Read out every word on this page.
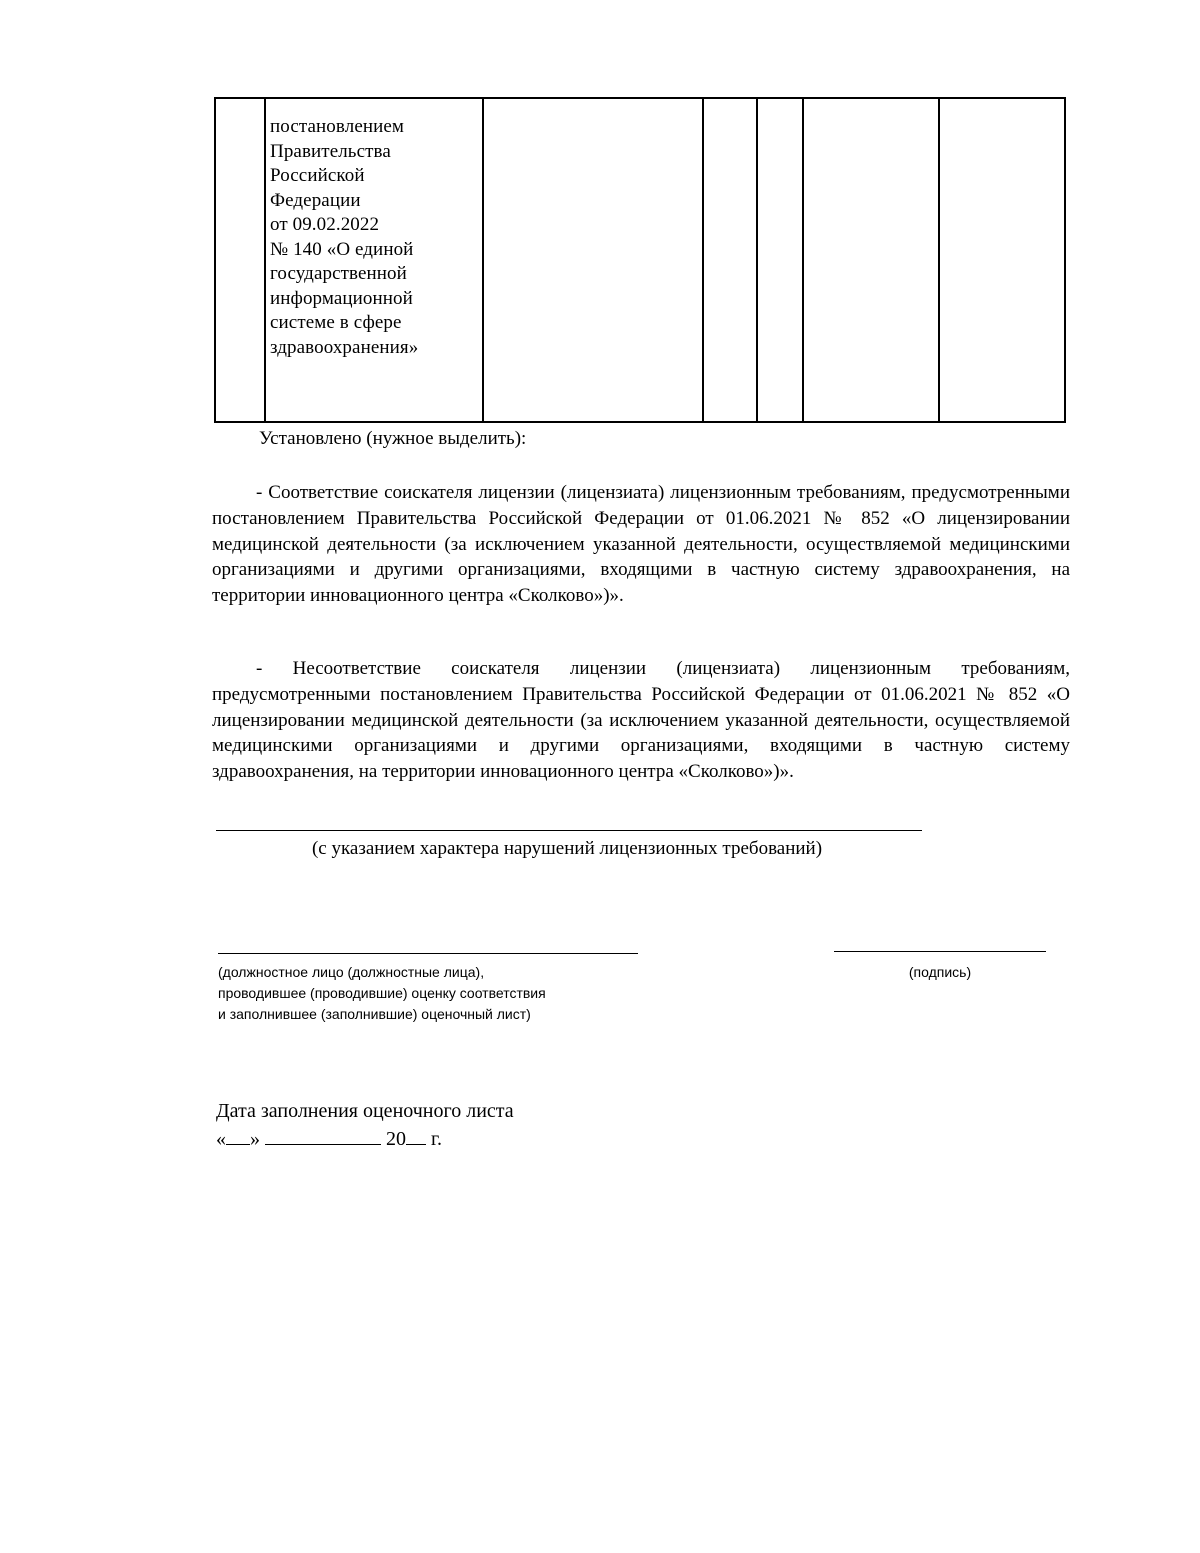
постановлением
Правительства
Российской
Федерации
от 09.02.2022
№ 140 «О единой
государственной
информационной
системе в сфере
здравоохранения»
Установлено (нужное выделить):
- Соответствие соискателя лицензии (лицензиата) лицензионным требованиям, предусмотренными постановлением Правительства Российской Федерации от 01.06.2021 № 852 «О лицензировании медицинской деятельности (за исключением указанной деятельности, осуществляемой медицинскими организациями и другими организациями, входящими в частную систему здравоохранения, на территории инновационного центра «Сколково»)».
- Несоответствие соискателя лицензии (лицензиата) лицензионным требованиям, предусмотренными постановлением Правительства Российской Федерации от 01.06.2021 № 852 «О лицензировании медицинской деятельности (за исключением указанной деятельности, осуществляемой медицинскими организациями и другими организациями, входящими в частную систему здравоохранения, на территории инновационного центра «Сколково»)».
(с указанием характера нарушений лицензионных требований)
(должностное лицо (должностные лица),
проводившее (проводившие) оценку соответствия
и заполнившее (заполнившие) оценочный лист)
(подпись)
Дата заполнения оценочного листа
« »	20 г.
